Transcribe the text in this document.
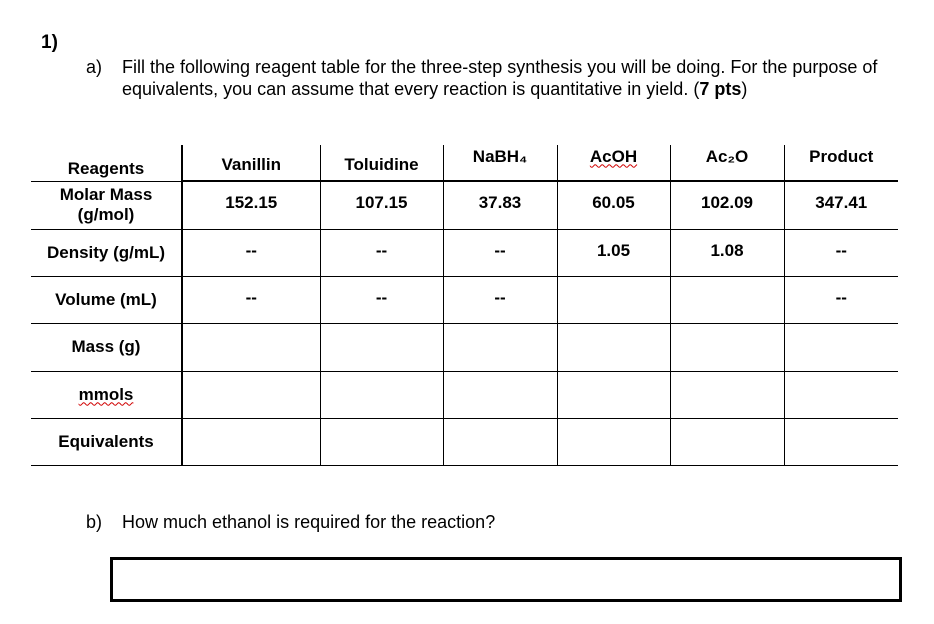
1)
a) Fill the following reagent table for the three-step synthesis you will be doing. For the purpose of equivalents, you can assume that every reaction is quantitative in yield. (7 pts)
Reagents	Vanillin	Toluidine	NaBH₄	AcOH	Ac₂O	Product
Molar Mass (g/mol)	152.15	107.15	37.83	60.05	102.09	347.41
Density (g/mL)	--	--	--	1.05	1.08	--
Volume (mL)	--	--	--			--
Mass (g)						
mmols						
Equivalents						
b) How much ethanol is required for the reaction?
